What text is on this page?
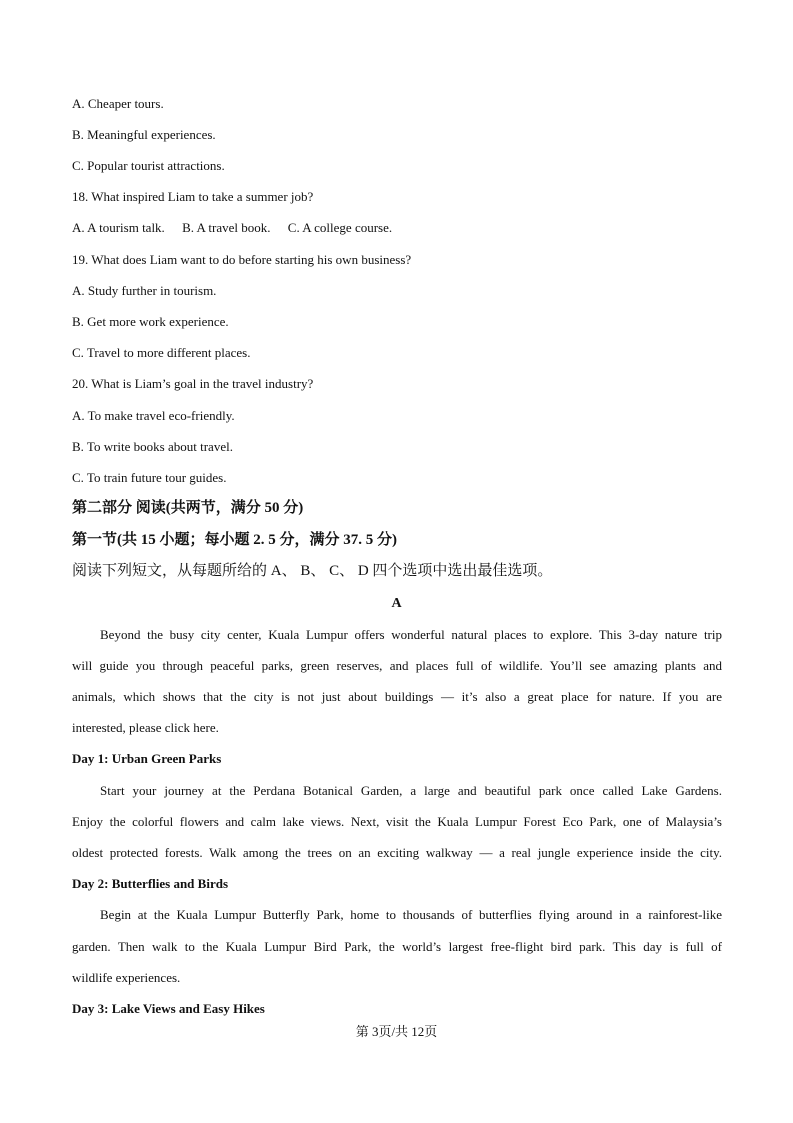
A. Cheaper tours.
B. Meaningful experiences.
C. Popular tourist attractions.
18. What inspired Liam to take a summer job?
A. A tourism talk. B. A travel book. C. A college course.
19. What does Liam want to do before starting his own business?
A. Study further in tourism.
B. Get more work experience.
C. Travel to more different places.
20. What is Liam’s goal in the travel industry?
A. To make travel eco-friendly.
B. To write books about travel.
C. To train future tour guides.
第二部分 阅读(共两节，满分 50 分)
第一节(共 15 小题；每小题 2. 5 分，满分 37. 5 分)
阅读下列短文，从每题所给的 A、 B、 C、 D 四个选项中选出最佳选项。
A
Beyond the busy city center, Kuala Lumpur offers wonderful natural places to explore. This 3-day nature trip
will guide you through peaceful parks, green reserves, and places full of wildlife. You’ll see amazing plants and
animals, which shows that the city is not just about buildings — it’s also a great place for nature. If you are
interested, please click here.
Day 1: Urban Green Parks
Start your journey at the Perdana Botanical Garden, a large and beautiful park once called Lake Gardens.
Enjoy the colorful flowers and calm lake views. Next, visit the Kuala Lumpur Forest Eco Park, one of Malaysia’s
oldest protected forests. Walk among the trees on an exciting walkway — a real jungle experience inside the city.
Day 2: Butterflies and Birds
Begin at the Kuala Lumpur Butterfly Park, home to thousands of butterflies flying around in a rainforest-like
garden. Then walk to the Kuala Lumpur Bird Park, the world’s largest free-flight bird park. This day is full of
wildlife experiences.
Day 3: Lake Views and Easy Hikes
第 3页/共 12页
